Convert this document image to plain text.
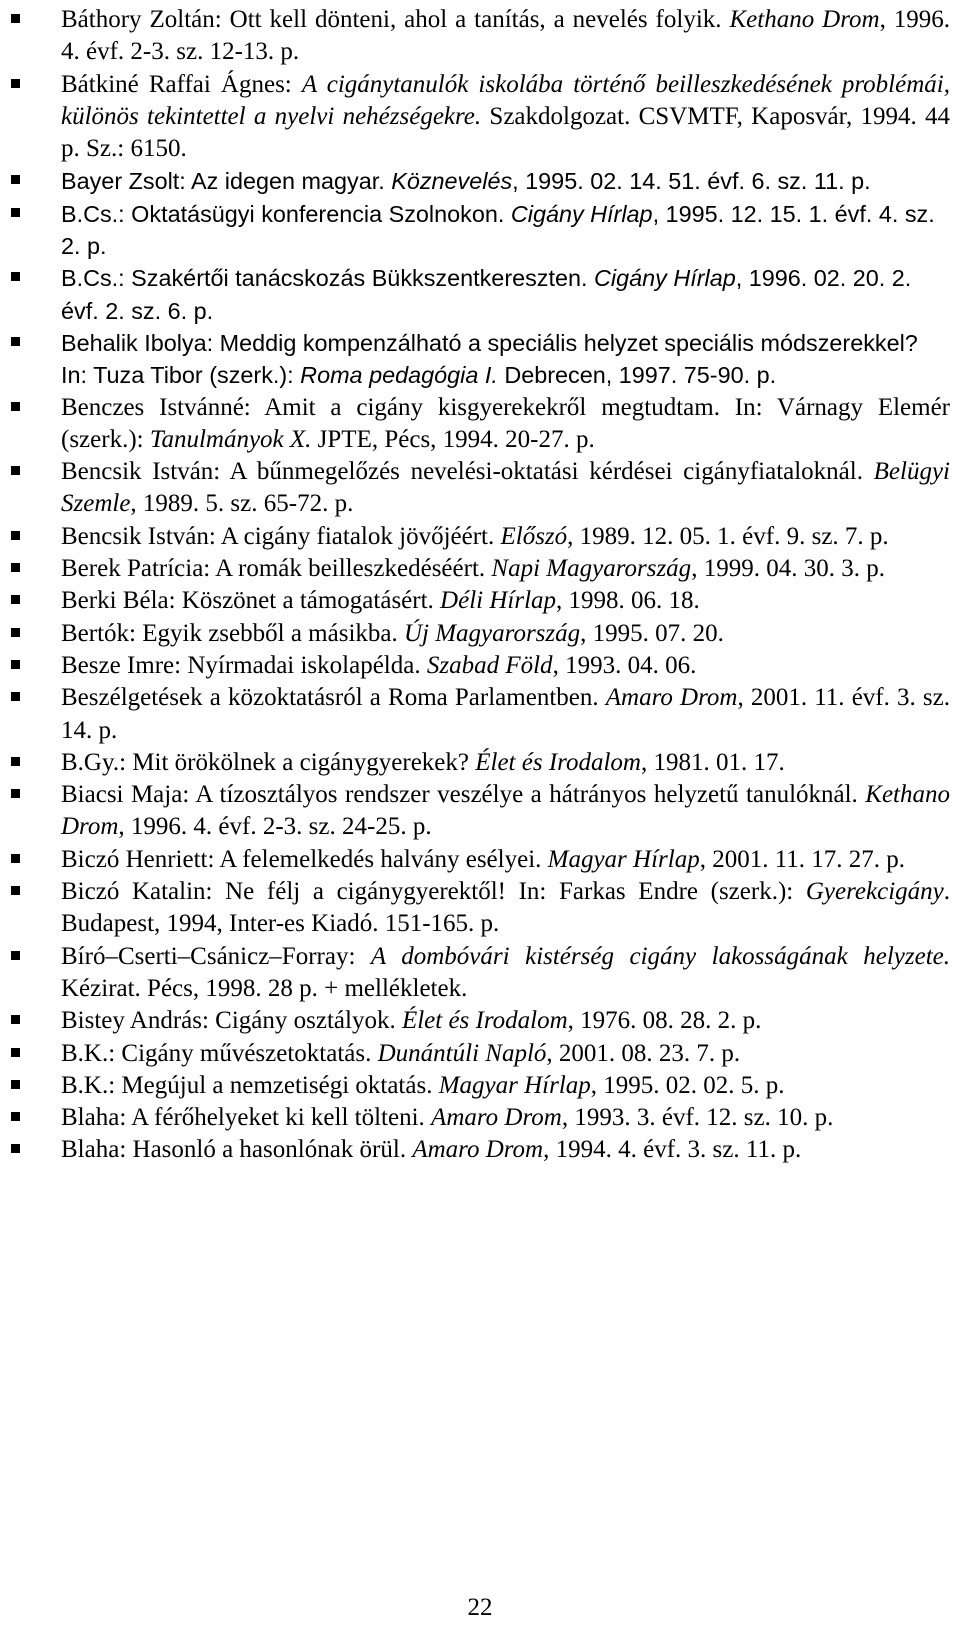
Báthory Zoltán: Ott kell dönteni, ahol a tanítás, a nevelés folyik. Kethano Drom, 1996. 4. évf. 2-3. sz. 12-13. p.
Bátkiné Raffai Ágnes: A cigánytanulók iskolába történő beilleszkedésének problémái, különös tekintettel a nyelvi nehézségekre. Szakdolgozat. CSVMTF, Kaposvár, 1994. 44 p. Sz.: 6150.
Bayer Zsolt: Az idegen magyar. Köznevelés, 1995. 02. 14. 51. évf. 6. sz. 11. p.
B.Cs.: Oktatásügyi konferencia Szolnokon. Cigány Hírlap, 1995. 12. 15. 1. évf. 4. sz. 2. p.
B.Cs.: Szakértői tanácskozás Bükkszentkereszten. Cigány Hírlap, 1996. 02. 20. 2. évf. 2. sz. 6. p.
Behalik Ibolya: Meddig kompenzálható a speciális helyzet speciális módszerekkel? In: Tuza Tibor (szerk.): Roma pedagógia I. Debrecen, 1997. 75-90. p.
Benczes Istvánné: Amit a cigány kisgyerekekről megtudtam. In: Várnagy Elemér (szerk.): Tanulmányok X. JPTE, Pécs, 1994. 20-27. p.
Bencsik István: A bűnmegelőzés nevelési-oktatási kérdései cigányfiataloknál. Belügyi Szemle, 1989. 5. sz. 65-72. p.
Bencsik István: A cigány fiatalok jövőjéért. Előszó, 1989. 12. 05. 1. évf. 9. sz. 7. p.
Berek Patrícia: A romák beilleszkedéséért. Napi Magyarország, 1999. 04. 30. 3. p.
Berki Béla: Köszönet a támogatásért. Déli Hírlap, 1998. 06. 18.
Bertók: Egyik zsebből a másikba. Új Magyarország, 1995. 07. 20.
Besze Imre: Nyírmadai iskolapélda. Szabad Föld, 1993. 04. 06.
Beszélgetések a közoktatásról a Roma Parlamentben. Amaro Drom, 2001. 11. évf. 3. sz. 14. p.
B.Gy.: Mit örökölnek a cigánygyerekek? Élet és Irodalom, 1981. 01. 17.
Biacsi Maja: A tízosztályos rendszer veszélye a hátrányos helyzetű tanulóknál. Kethano Drom, 1996. 4. évf. 2-3. sz. 24-25. p.
Biczó Henriett: A felemelkedés halvány esélyei. Magyar Hírlap, 2001. 11. 17. 27. p.
Biczó Katalin: Ne félj a cigánygyerektől! In: Farkas Endre (szerk.): Gyerekcigány. Budapest, 1994, Inter-es Kiadó. 151-165. p.
Bíró–Cserti–Csánicz–Forray: A dombóvári kistérség cigány lakosságának helyzete. Kézirat. Pécs, 1998. 28 p. + mellékletek.
Bistey András: Cigány osztályok. Élet és Irodalom, 1976. 08. 28. 2. p.
B.K.: Cigány művészetoktatás. Dunántúli Napló, 2001. 08. 23. 7. p.
B.K.: Megújul a nemzetiségi oktatás. Magyar Hírlap, 1995. 02. 02. 5. p.
Blaha: A férőhelyeket ki kell tölteni. Amaro Drom, 1993. 3. évf. 12. sz. 10. p.
Blaha: Hasonló a hasonlónak örül. Amaro Drom, 1994. 4. évf. 3. sz. 11. p.
22
